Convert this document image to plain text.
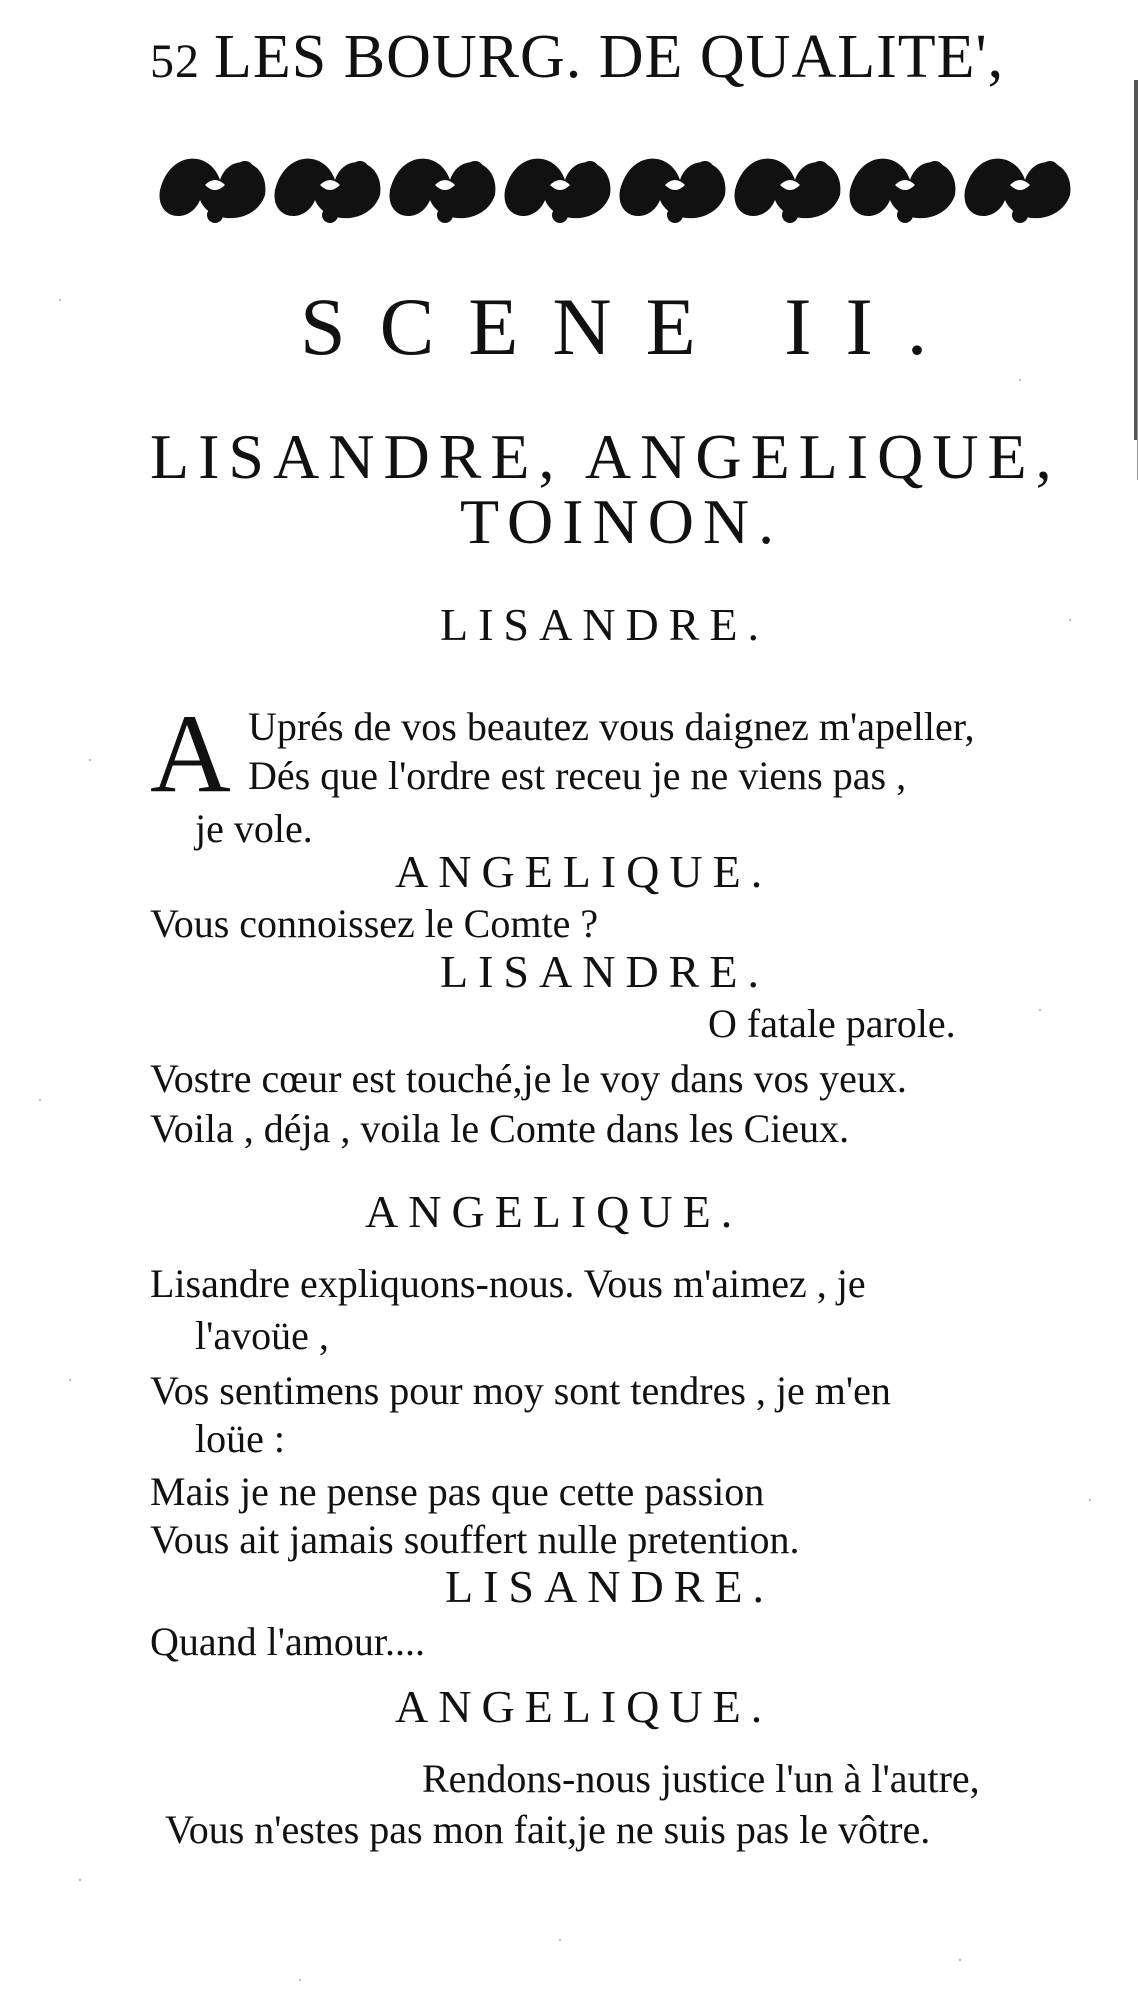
52 LES BOURG. DE QUALITE',
SCENE II.
LISANDRE, ANGELIQUE,
TOINON.
LISANDRE.
A Uprés de vos beautez vous daignez m'apeller,
Dés que l'ordre est receu je ne viens pas ,
je vole.
ANGELIQUE.
Vous connoissez le Comte ?
LISANDRE.
O fatale parole.
Vostre cœur est touché,je le voy dans vos yeux.
Voila , déja , voila le Comte dans les Cieux.
ANGELIQUE.
Lisandre expliquons-nous. Vous m'aimez , je
l'avoüe ,
Vos sentimens pour moy sont tendres , je m'en
loüe :
Mais je ne pense pas que cette passion
Vous ait jamais souffert nulle pretention.
LISANDRE.
Quand l'amour....
ANGELIQUE.
Rendons-nous justice l'un à l'autre,
Vous n'estes pas mon fait,je ne suis pas le vôtre.
